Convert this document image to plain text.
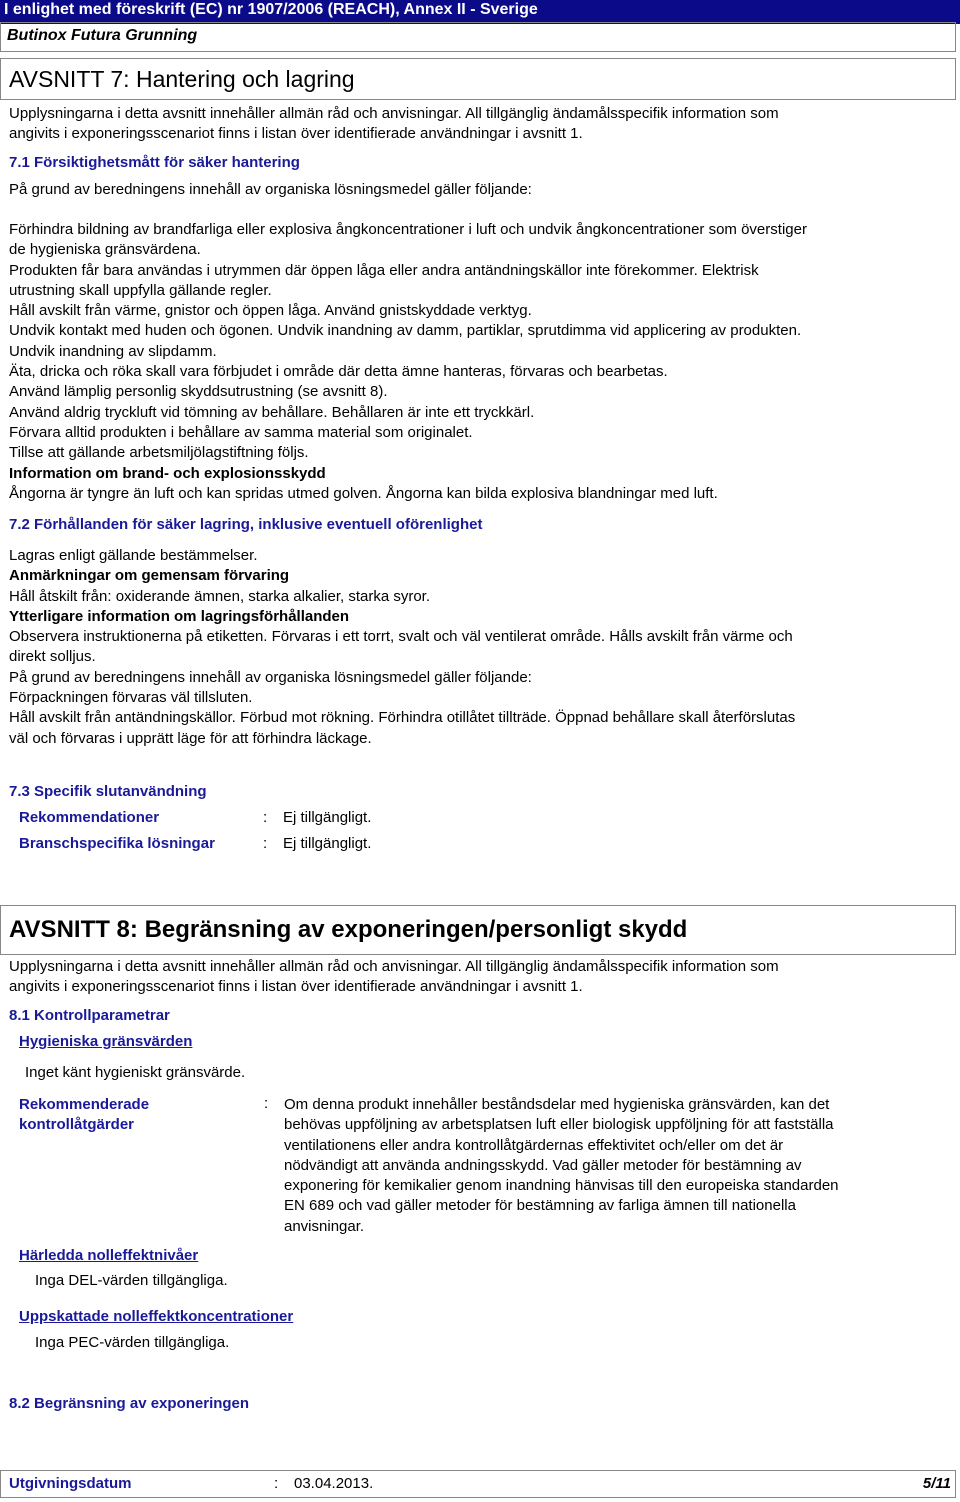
I enlighet med föreskrift (EC) nr 1907/2006 (REACH), Annex II - Sverige
Butinox Futura Grunning
AVSNITT 7: Hantering och lagring

Upplysningarna i detta avsnitt innehåller allmän råd och anvisningar. All tillgänglig ändamålsspecifik information som

angivits i exponeringsscenariot finns i listan över identifierade användningar i avsnitt 1.

7.1 Försiktighetsmått för säker hantering
På grund av beredningens innehåll av organiska lösningsmedel gäller följande:

Förhindra bildning av brandfarliga eller explosiva ångkoncentrationer i luft och undvik ångkoncentrationer som överstiger

de hygieniska gränsvärdena.

Produkten får bara användas i utrymmen där öppen låga eller andra antändningskällor inte förekommer. Elektrisk

utrustning skall uppfylla gällande regler.

Håll avskilt från värme, gnistor och öppen låga. Använd gnistskyddade verktyg.

Undvik kontakt med huden och ögonen. Undvik inandning av damm, partiklar, sprutdimma vid applicering av produkten.

Undvik inandning av slipdamm.

Äta, dricka och röka skall vara förbjudet i område där detta ämne hanteras, förvaras och bearbetas.

Använd lämplig personlig skyddsutrustning (se avsnitt 8).

Använd aldrig tryckluft vid tömning av behållare. Behållaren är inte ett tryckkärl.

Förvara alltid produkten i behållare av samma material som originalet.

Tillse att gällande arbetsmiljölagstiftning följs.

Information om brand- och explosionsskydd

Ångorna är tyngre än luft och kan spridas utmed golven. Ångorna kan bilda explosiva blandningar med luft.

7.2 Förhållanden för säker lagring, inklusive eventuell oförenlighet

Lagras enligt gällande bestämmelser.

Anmärkningar om gemensam förvaring

Håll åtskilt från: oxiderande ämnen, starka alkalier, starka syror.

Ytterligare information om lagringsförhållanden

Observera instruktionerna på etiketten. Förvaras i ett torrt, svalt och väl ventilerat område. Hålls avskilt från värme och

direkt solljus.

På grund av beredningens innehåll av organiska lösningsmedel gäller följande:

Förpackningen förvaras väl tillsluten.

Håll avskilt från antändningskällor. Förbud mot rökning. Förhindra otillåtet tillträde. Öppnad behållare skall återförslutas

väl och förvaras i upprätt läge för att förhindra läckage.

7.3 Specifik slutanvändning
Rekommendationer	:	Ej tillgängligt.
Branschspecifika lösningar	:	Ej tillgängligt.
AVSNITT 8: Begränsning av exponeringen/personligt skydd

Upplysningarna i detta avsnitt innehåller allmän råd och anvisningar. All tillgänglig ändamålsspecifik information som

angivits i exponeringsscenariot finns i listan över identifierade användningar i avsnitt 1.

8.1 Kontrollparametrar
Hygieniska gränsvärden
Inget känt hygieniskt gränsvärde.

Rekommenderade

kontrollåtgärder

:	Om denna produkt innehåller beståndsdelar med hygieniska gränsvärden, kan det

behövas uppföljning av arbetsplatsen luft eller biologisk uppföljning för att fastställa

ventilationens eller andra kontrollåtgärdernas effektivitet och/eller om det är

nödvändigt att använda andningsskydd. Vad gäller metoder för bestämning av

exponering för kemikalier genom inandning hänvisas till den europeiska standarden

EN 689 och vad gäller metoder för bestämning av farliga ämnen till nationella

anvisningar.

Härledda nolleffektnivåer
Inga DEL-värden tillgängliga.
Uppskattade nolleffektkoncentrationer
Inga PEC-värden tillgängliga.
8.2 Begränsning av exponeringen
Utgivningsdatum	: 03.04.2013.	5/11
